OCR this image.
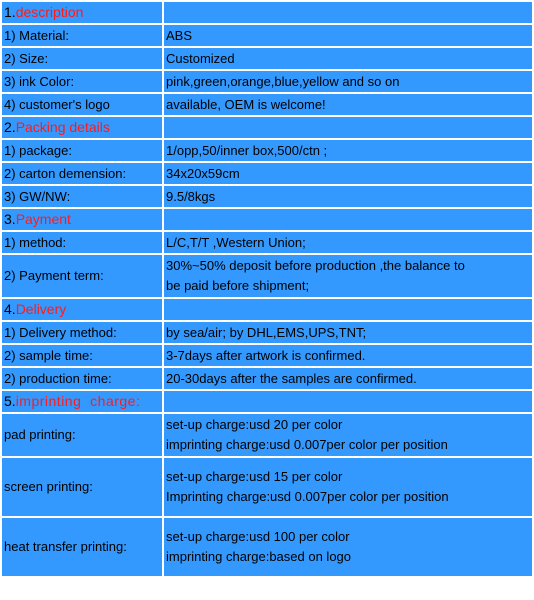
1.description	
1) Material:	ABS
2) Size:	Customized
3) ink Color:	pink,green,orange,blue,yellow and so on
4) customer's logo	available, OEM is welcome!
2.Packing details	
1) package:	1/opp,50/inner box,500/ctn ;
2) carton demension:	34x20x59cm
3) GW/NW:	9.5/8kgs
3.Payment	
1) method:	L/C,T/T ,Western Union;
2) Payment term:	30%~50% deposit before production ,the balance to
be paid before shipment;

4.Delivery	
1) Delivery method:	by sea/air; by DHL,EMS,UPS,TNT;
2) sample time:	3-7days after artwork is confirmed.
2) production time:	20-30days after the samples are confirmed.
5.imprinting  charge:	
pad printing:	set-up charge:usd 20 per color
imprinting charge:usd 0.007per color per position

screen printing:	set-up charge:usd 15 per color
Imprinting charge:usd 0.007per color per position

heat transfer printing:	set-up charge:usd 100 per color
imprinting charge:based on logo
